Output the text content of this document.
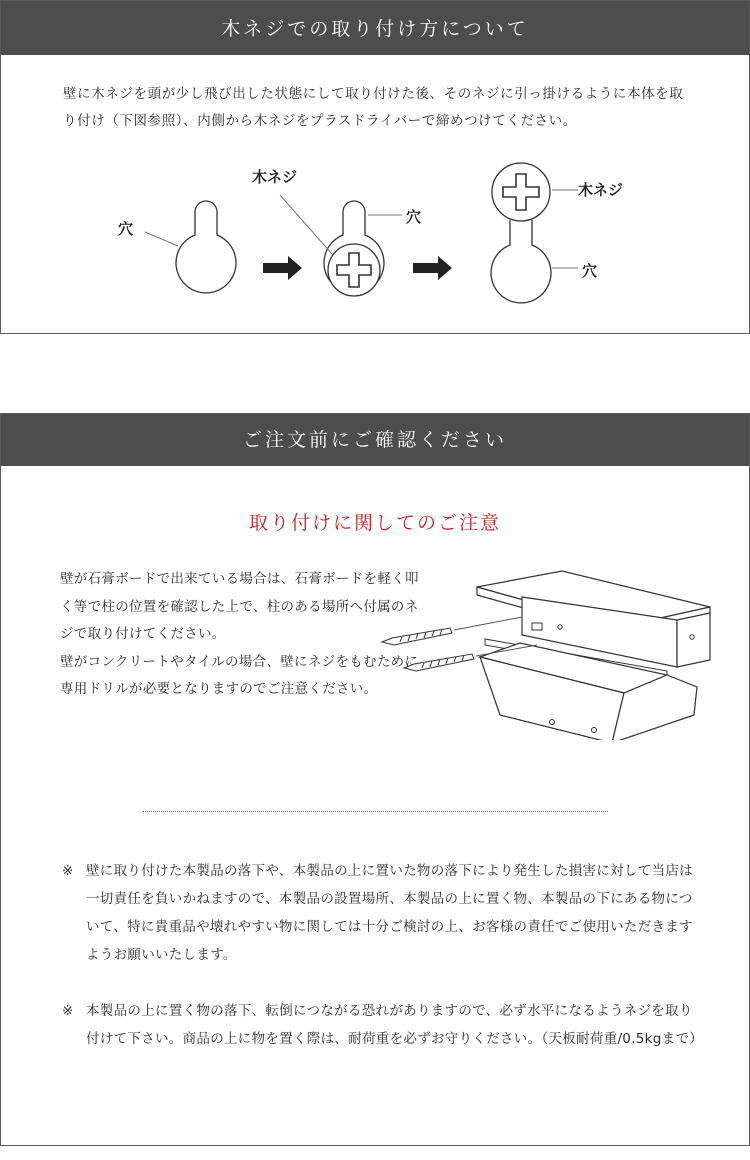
木ネジでの取り付け方について
壁に木ネジを頭が少し飛び出した状態にして取り付けた後、そのネジに引っ掛けるように本体を取り付け（下図参照）、内側から木ネジをプラスドライバーで締めつけてください。
穴
木ネジ
穴
木ネジ
穴
ご注文前にご確認ください
取り付けに関してのご注意

壁が石膏ボードで出来ている場合は、石膏ボードを軽く叩く等で柱の位置を確認した上で、柱のある場所へ付属のネジで取り付けてください。

壁がコンクリートやタイルの場合、壁にネジをもむために専用ドリルが必要となりますのでご注意ください。

※ 壁に取り付けた本製品の落下や、本製品の上に置いた物の落下により発生した損害に対して当店は一切責任を負いかねますので、本製品の設置場所、本製品の上に置く物、本製品の下にある物について、特に貴重品や壊れやすい物に関しては十分ご検討の上、お客様の責任でご使用いただきますようお願いいたします。
※ 本製品の上に置く物の落下、転倒につながる恐れがありますので、必ず水平になるようネジを取り付けて下さい。商品の上に物を置く際は、耐荷重を必ずお守りください。（天板耐荷重/0.5kgまで）
